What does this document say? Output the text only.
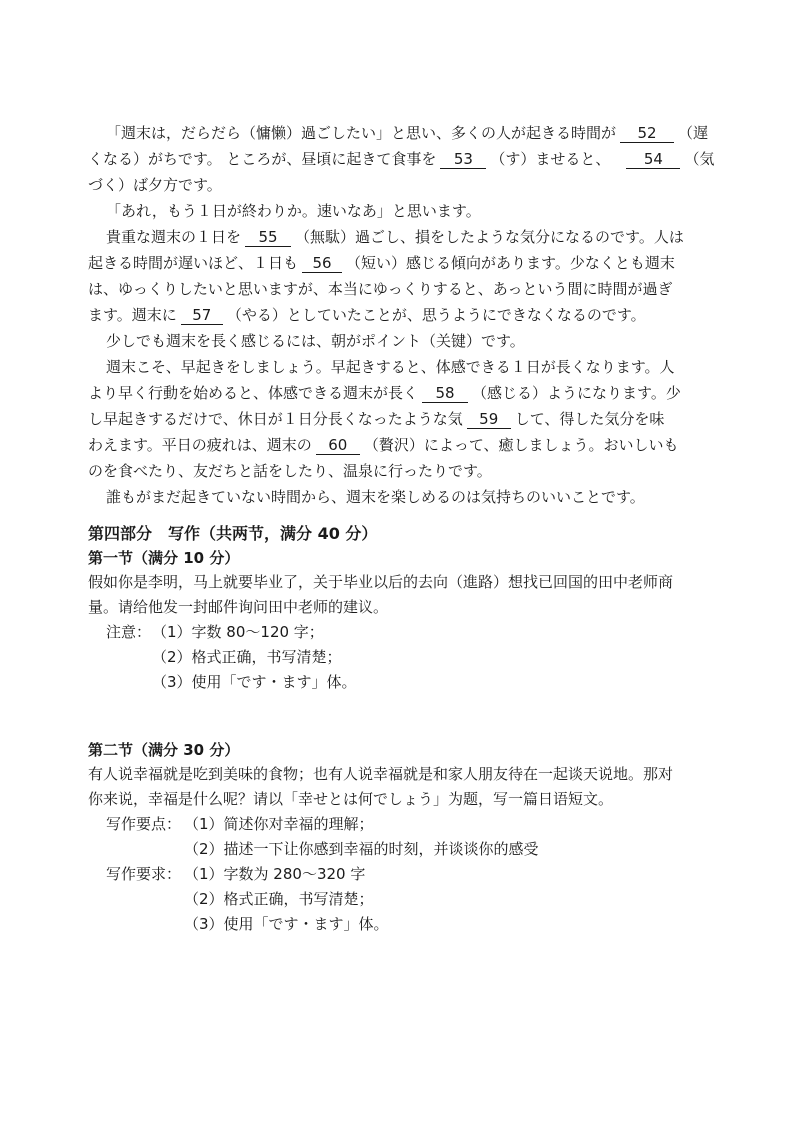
「週末は，だらだら（慵懒）過ごしたい」と思い、多くの人が起きる時間が 52 （遅
くなる）がちです。 ところが、昼頃に起きて食事を 53 （す）ませると、 54 （気
づく）ば夕方です。
「あれ，もう１日が終わりか。速いなあ」と思います。
貴重な週末の１日を 55 （無駄）過ごし、損をしたような気分になるのです。人は
起きる時間が遅いほど、１日も 56 （短い）感じる傾向があります。少なくとも週末
は、ゆっくりしたいと思いますが、本当にゆっくりすると、あっという間に時間が過ぎ
ます。週末に 57 （やる）としていたことが、思うようにできなくなるのです。
少しでも週末を長く感じるには、朝がポイント（关键）です。
週末こそ、早起きをしましょう。早起きすると、体感できる１日が長くなります。人
より早く行動を始めると、体感できる週末が長く 58 （感じる）ようになります。少
し早起きするだけで、休日が１日分長くなったような気 59 して、得した気分を味
わえます。平日の疲れは、週末の 60 （贅沢）によって、癒しましょう。おいしいも
のを食べたり、友だちと話をしたり、温泉に行ったりです。
誰もがまだ起きていない時間から、週末を楽しめるのは気持ちのいいことです。
第四部分　写作（共两节，满分 40 分）
第一节（满分 10 分）
假如你是李明，马上就要毕业了，关于毕业以后的去向（進路）想找已回国的田中老师商
量。请给他发一封邮件询问田中老师的建议。
注意：（1）字数 80～120 字；
（2）格式正确，书写清楚；
（3）使用「です・ます」体。
第二节（满分 30 分）
有人说幸福就是吃到美味的食物；也有人说幸福就是和家人朋友待在一起谈天说地。那对
你来说，幸福是什么呢？请以「幸せとは何でしょう」为题，写一篇日语短文。
写作要点： （1）简述你对幸福的理解；
（2）描述一下让你感到幸福的时刻，并谈谈你的感受
写作要求： （1）字数为 280～320 字
（2）格式正确，书写清楚；
（3）使用「です・ます」体。
